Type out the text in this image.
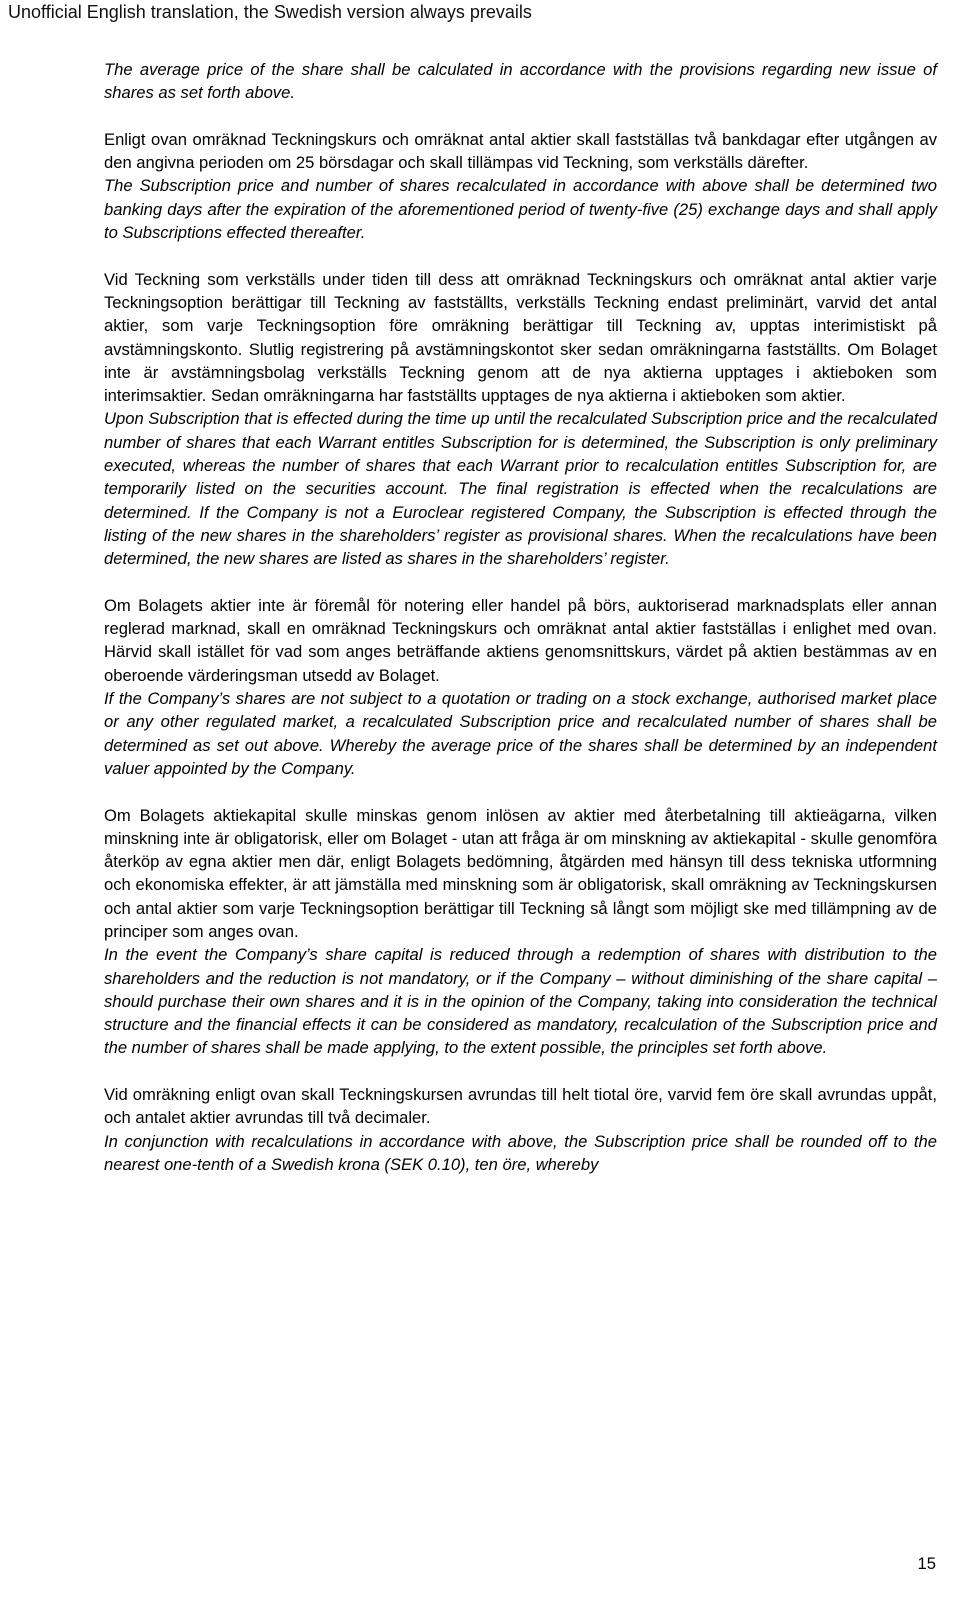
Unofficial English translation, the Swedish version always prevails

The average price of the share shall be calculated in accordance with the provisions regarding new issue of shares as set forth above.

Enligt ovan omräknad Teckningskurs och omräknat antal aktier skall fastställas två bankdagar efter utgången av den angivna perioden om 25 börsdagar och skall tillämpas vid Teckning, som verkställs därefter.

The Subscription price and number of shares recalculated in accordance with above shall be determined two banking days after the expiration of the aforementioned period of twenty-five (25) exchange days and shall apply to Subscriptions effected thereafter.

Vid Teckning som verkställs under tiden till dess att omräknad Teckningskurs och omräknat antal aktier varje Teckningsoption berättigar till Teckning av fastställts, verkställs Teckning endast preliminärt, varvid det antal aktier, som varje Teckningsoption före omräkning berättigar till Teckning av, upptas interimistiskt på avstämningskonto. Slutlig registrering på avstämningskontot sker sedan omräkningarna fastställts. Om Bolaget inte är avstämningsbolag verkställs Teckning genom att de nya aktierna upptages i aktieboken som interimsaktier. Sedan omräkningarna har fastställts upptages de nya aktierna i aktieboken som aktier.

Upon Subscription that is effected during the time up until the recalculated Subscription price and the recalculated number of shares that each Warrant entitles Subscription for is determined, the Subscription is only preliminary executed, whereas the number of shares that each Warrant prior to recalculation entitles Subscription for, are temporarily listed on the securities account. The final registration is effected when the recalculations are determined. If the Company is not a Euroclear registered Company, the Subscription is effected through the listing of the new shares in the shareholders’ register as provisional shares. When the recalculations have been determined, the new shares are listed as shares in the shareholders’ register.

Om Bolagets aktier inte är föremål för notering eller handel på börs, auktoriserad marknadsplats eller annan reglerad marknad, skall en omräknad Teckningskurs och omräknat antal aktier fastställas i enlighet med ovan. Härvid skall istället för vad som anges beträffande aktiens genomsnittskurs, värdet på aktien bestämmas av en oberoende värderingsman utsedd av Bolaget.

If the Company’s shares are not subject to a quotation or trading on a stock exchange, authorised market place or any other regulated market, a recalculated Subscription price and recalculated number of shares shall be determined as set out above. Whereby the average price of the shares shall be determined by an independent valuer appointed by the Company.

Om Bolagets aktiekapital skulle minskas genom inlösen av aktier med återbetalning till aktieägarna, vilken minskning inte är obligatorisk, eller om Bolaget - utan att fråga är om minskning av aktiekapital - skulle genomföra återköp av egna aktier men där, enligt Bolagets bedömning, åtgärden med hänsyn till dess tekniska utformning och ekonomiska effekter, är att jämställa med minskning som är obligatorisk, skall omräkning av Teckningskursen och antal aktier som varje Teckningsoption berättigar till Teckning så långt som möjligt ske med tillämpning av de principer som anges ovan.

In the event the Company’s share capital is reduced through a redemption of shares with distribution to the shareholders and the reduction is not mandatory, or if the Company – without diminishing of the share capital – should purchase their own shares and it is in the opinion of the Company, taking into consideration the technical structure and the financial effects it can be considered as mandatory, recalculation of the Subscription price and the number of shares shall be made applying, to the extent possible, the principles set forth above.

Vid omräkning enligt ovan skall Teckningskursen avrundas till helt tiotal öre, varvid fem öre skall avrundas uppåt, och antalet aktier avrundas till två decimaler.

In conjunction with recalculations in accordance with above, the Subscription price shall be rounded off to the nearest one-tenth of a Swedish krona (SEK 0.10), ten öre, whereby

15
